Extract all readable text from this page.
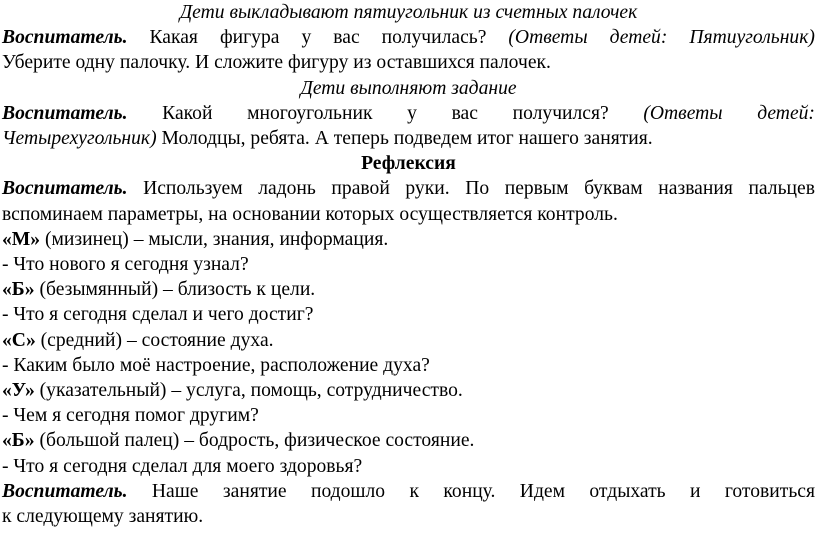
Дети выкладывают пятиугольник из счетных палочек
Воспитатель. Какая фигура у вас получилась? (Ответы детей: Пятиугольник)
Уберите одну палочку. И сложите фигуру из оставшихся палочек.
Дети выполняют задание
Воспитатель. Какой многоугольник у вас получился? (Ответы детей:
Четырехугольник) Молодцы, ребята. А теперь подведем итог нашего занятия.
Рефлексия
Воспитатель. Используем ладонь правой руки. По первым буквам названия пальцев
вспоминаем параметры, на основании которых осуществляется контроль.
«М» (мизинец) – мысли, знания, информация.
- Что нового я сегодня узнал?
«Б» (безымянный) – близость к цели.
- Что я сегодня сделал и чего достиг?
«С» (средний) – состояние духа.
- Каким было моё настроение, расположение духа?
«У» (указательный) – услуга, помощь, сотрудничество.
- Чем я сегодня помог другим?
«Б» (большой палец) – бодрость, физическое состояние.
- Что я сегодня сделал для моего здоровья?
Воспитатель. Наше занятие подошло к концу. Идем отдыхать и готовиться
к следующему занятию.
